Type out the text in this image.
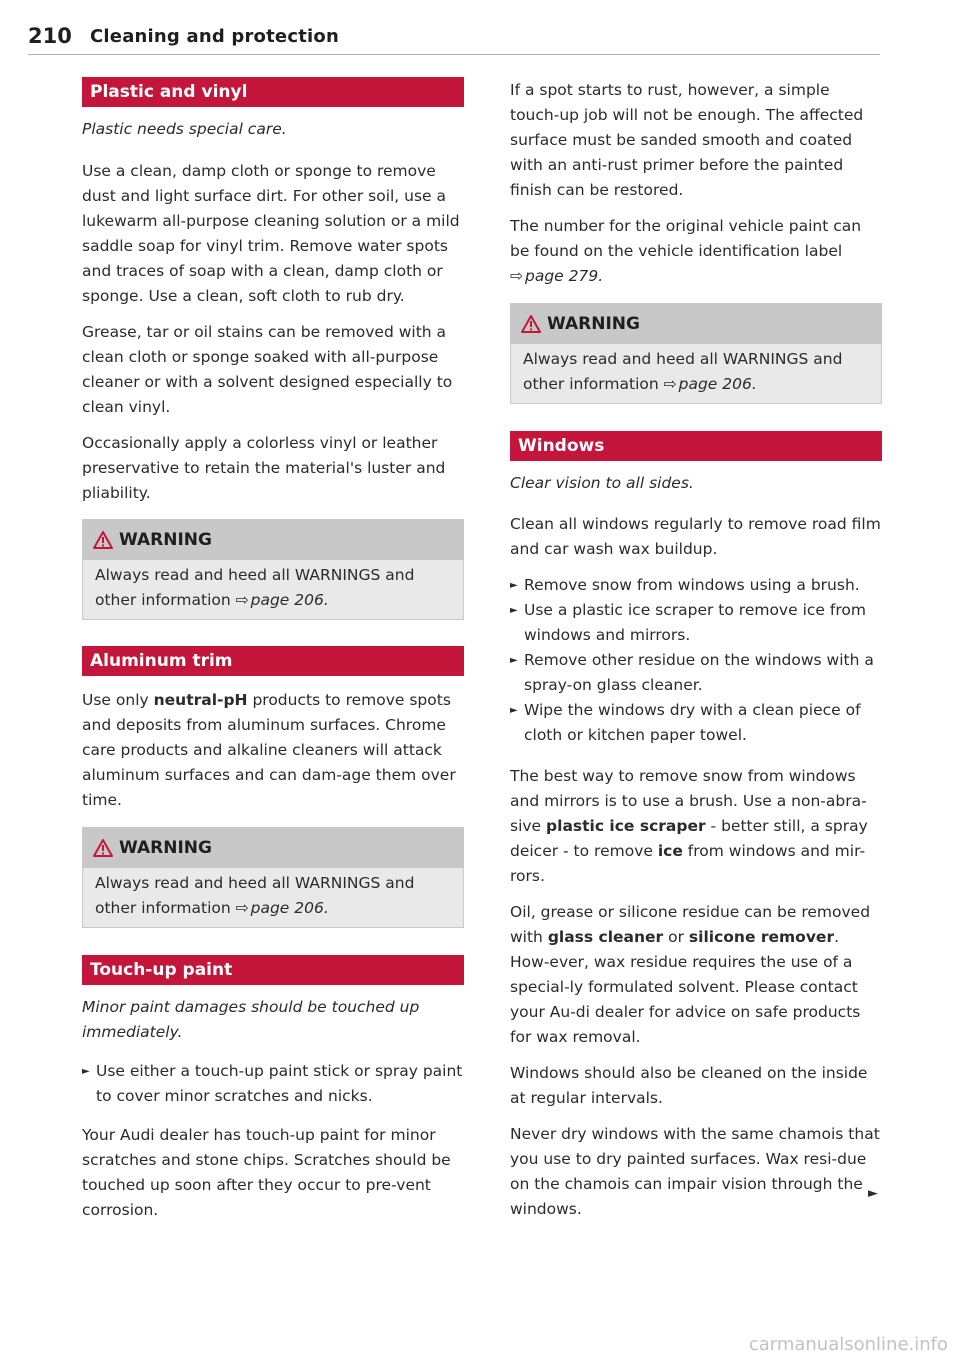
210 Cleaning and protection
Plastic and vinyl

Plastic needs special care.

Use a clean, damp cloth or sponge to remove dust and light surface dirt. For other soil, use a lukewarm all-purpose cleaning solution or a mild saddle soap for vinyl trim. Remove water spots and traces of soap with a clean, damp cloth or sponge. Use a clean, soft cloth to rub dry.

Grease, tar or oil stains can be removed with a clean cloth or sponge soaked with all-purpose cleaner or with a solvent designed especially to clean vinyl.

Occasionally apply a colorless vinyl or leather preservative to retain the material's luster and pliability.

WARNING

Always read and heed all WARNINGS and other information ⇨ page 206.

Aluminum trim

Use only neutral-pH products to remove spots and deposits from aluminum surfaces. Chrome care products and alkaline cleaners will attack aluminum surfaces and can dam-age them over time.

WARNING

Always read and heed all WARNINGS and other information ⇨ page 206.

Touch-up paint

Minor paint damages should be touched up immediately.

► Use either a touch-up paint stick or spray paint to cover minor scratches and nicks.

Your Audi dealer has touch-up paint for minor scratches and stone chips. Scratches should be touched up soon after they occur to pre-vent corrosion.

If a spot starts to rust, however, a simple touch-up job will not be enough. The affected surface must be sanded smooth and coated with an anti-rust primer before the painted finish can be restored.

The number for the original vehicle paint can be found on the vehicle identification label ⇨ page 279.

WARNING

Always read and heed all WARNINGS and other information ⇨ page 206.

Windows

Clear vision to all sides.

Clean all windows regularly to remove road film and car wash wax buildup.

► Remove snow from windows using a brush.
► Use a plastic ice scraper to remove ice from windows and mirrors.
► Remove other residue on the windows with a spray-on glass cleaner.
► Wipe the windows dry with a clean piece of cloth or kitchen paper towel.

The best way to remove snow from windows and mirrors is to use a brush. Use a non-abra-sive plastic ice scraper - better still, a spray deicer - to remove ice from windows and mir-rors.

Oil, grease or silicone residue can be removed with glass cleaner or silicone remover. How-ever, wax residue requires the use of a special-ly formulated solvent. Please contact your Au-di dealer for advice on safe products for wax removal.

Windows should also be cleaned on the inside at regular intervals.

Never dry windows with the same chamois that you use to dry painted surfaces. Wax resi-due on the chamois can impair vision through the windows.

►
carmanualsonline.info
